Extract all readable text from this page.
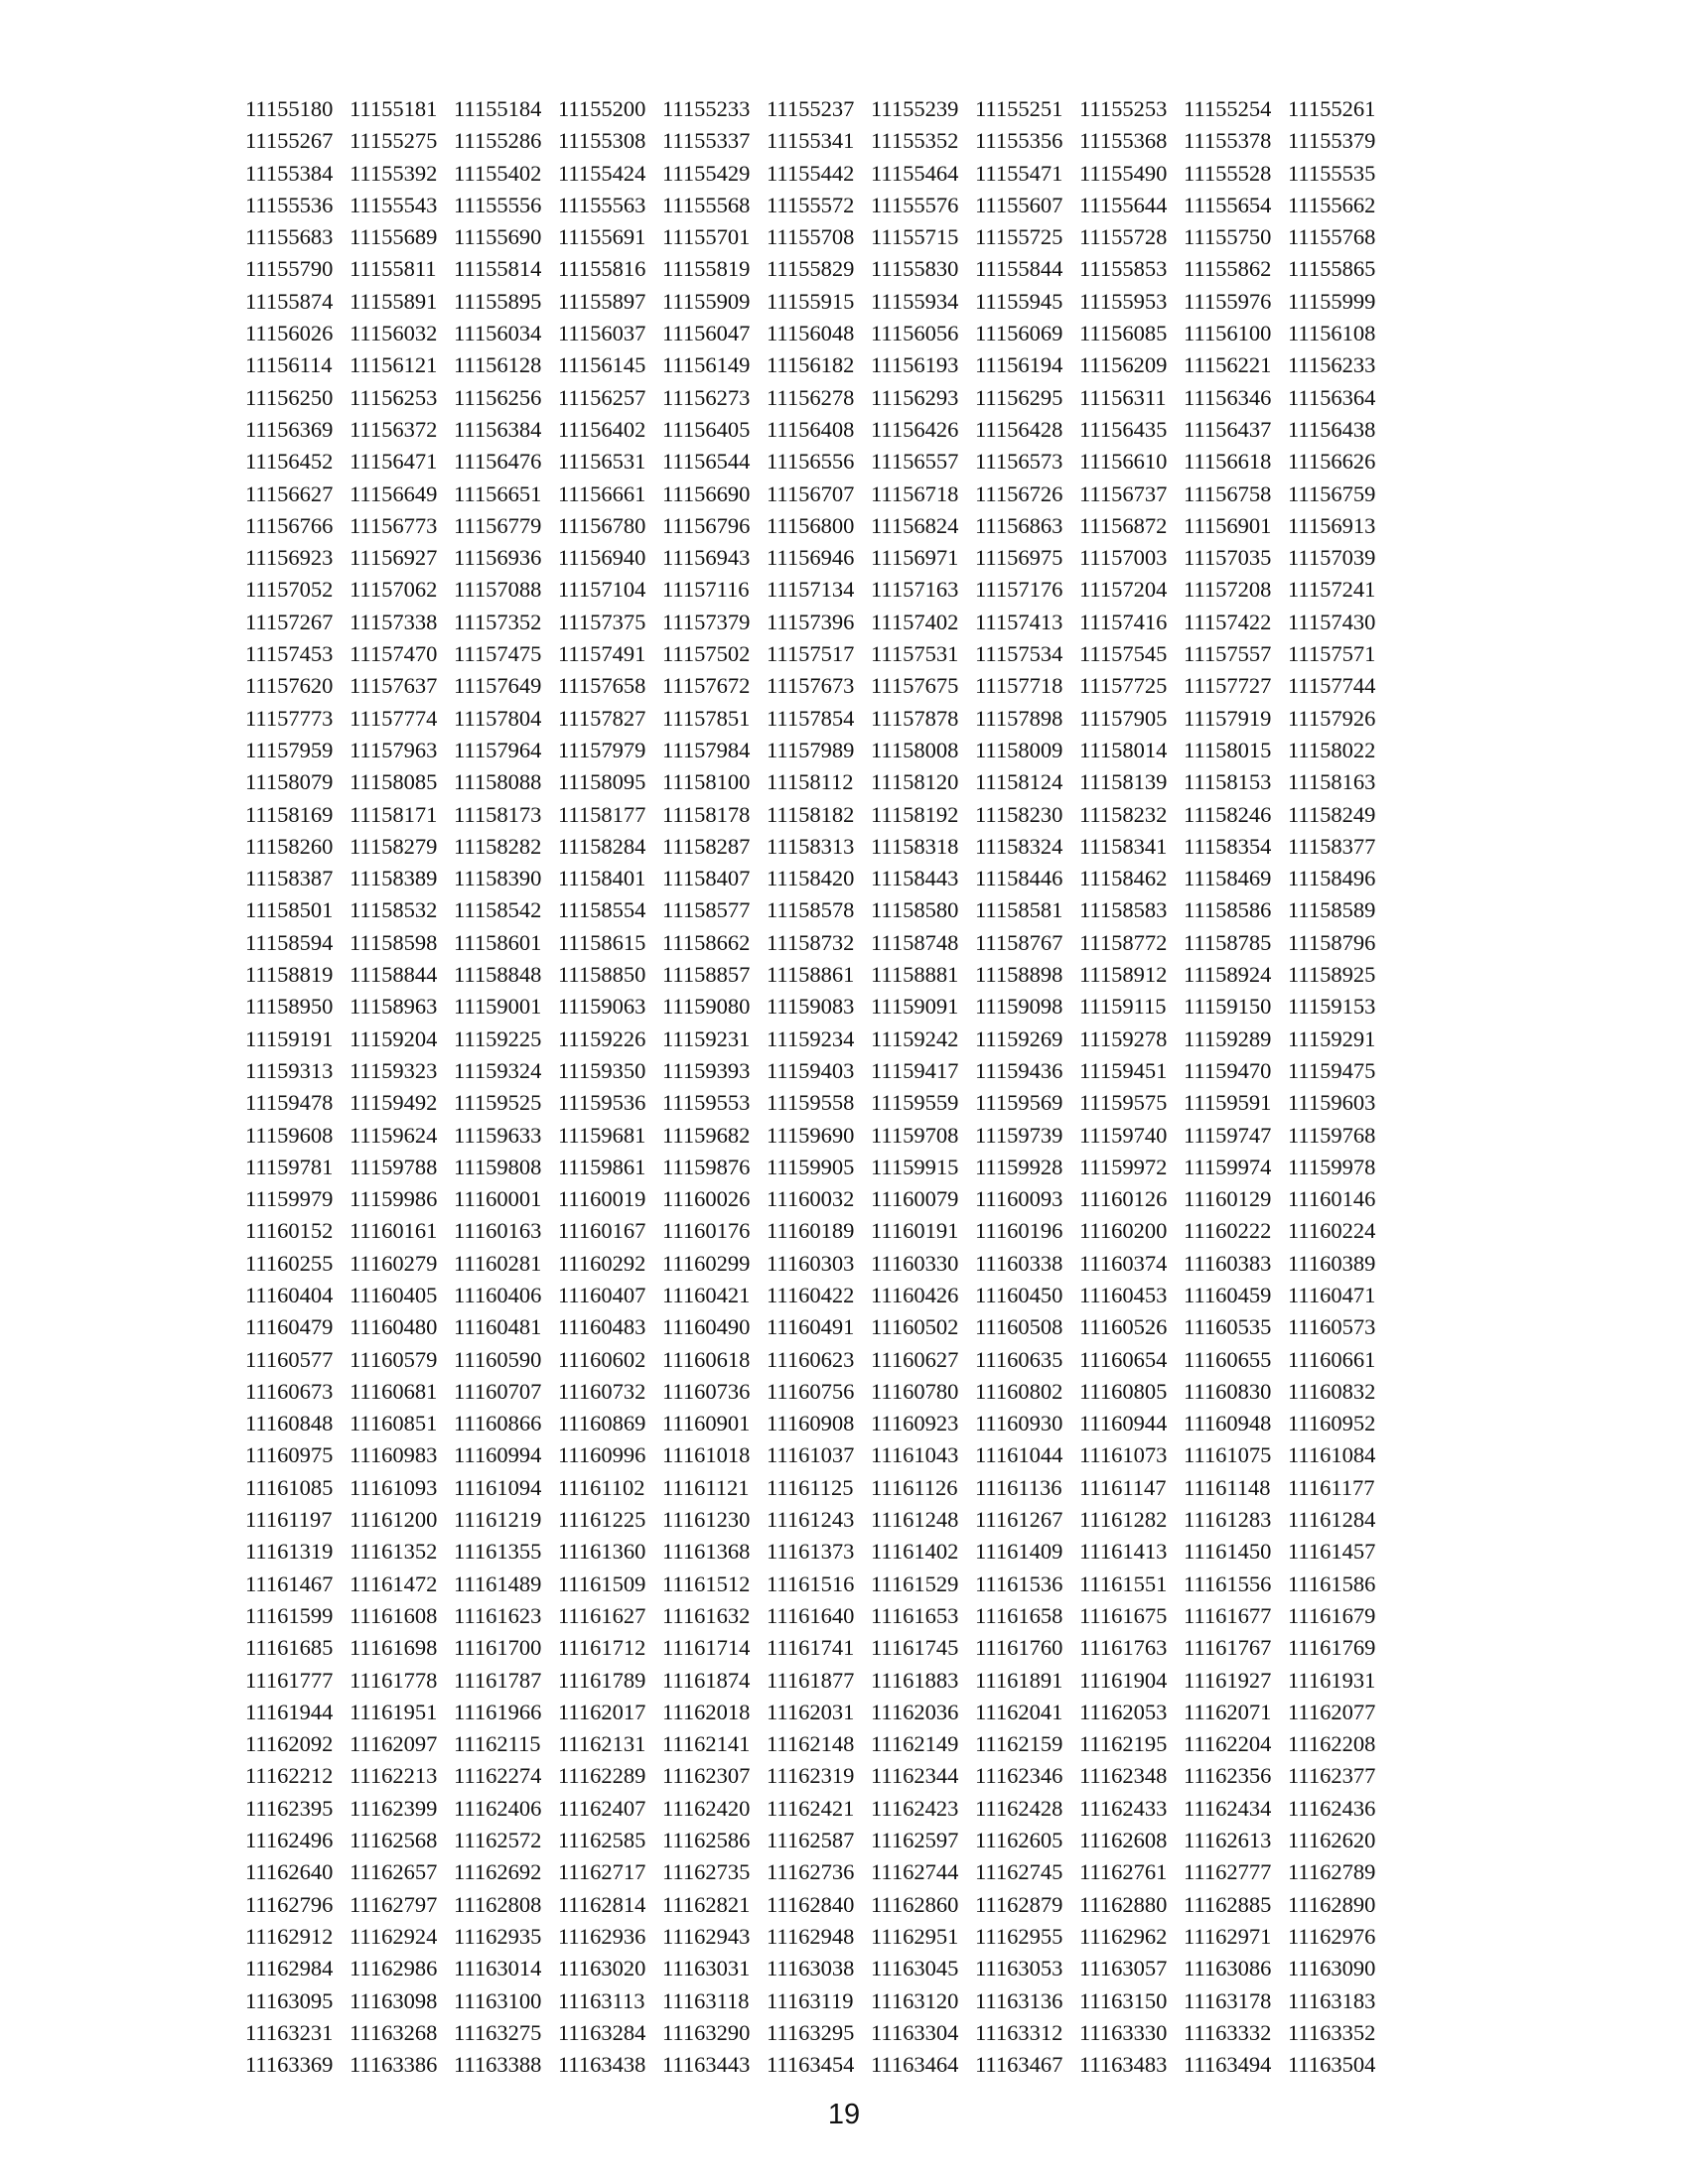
11155180	11155181	11155184	11155200	11155233	11155237	11155239	11155251	11155253	11155254	11155261
11155267	11155275	11155286	11155308	11155337	11155341	11155352	11155356	11155368	11155378	11155379
11155384	11155392	11155402	11155424	11155429	11155442	11155464	11155471	11155490	11155528	11155535
11155536	11155543	11155556	11155563	11155568	11155572	11155576	11155607	11155644	11155654	11155662
11155683	11155689	11155690	11155691	11155701	11155708	11155715	11155725	11155728	11155750	11155768
11155790	11155811	11155814	11155816	11155819	11155829	11155830	11155844	11155853	11155862	11155865
11155874	11155891	11155895	11155897	11155909	11155915	11155934	11155945	11155953	11155976	11155999
11156026	11156032	11156034	11156037	11156047	11156048	11156056	11156069	11156085	11156100	11156108
11156114	11156121	11156128	11156145	11156149	11156182	11156193	11156194	11156209	11156221	11156233
11156250	11156253	11156256	11156257	11156273	11156278	11156293	11156295	11156311	11156346	11156364
11156369	11156372	11156384	11156402	11156405	11156408	11156426	11156428	11156435	11156437	11156438
11156452	11156471	11156476	11156531	11156544	11156556	11156557	11156573	11156610	11156618	11156626
11156627	11156649	11156651	11156661	11156690	11156707	11156718	11156726	11156737	11156758	11156759
11156766	11156773	11156779	11156780	11156796	11156800	11156824	11156863	11156872	11156901	11156913
11156923	11156927	11156936	11156940	11156943	11156946	11156971	11156975	11157003	11157035	11157039
11157052	11157062	11157088	11157104	11157116	11157134	11157163	11157176	11157204	11157208	11157241
11157267	11157338	11157352	11157375	11157379	11157396	11157402	11157413	11157416	11157422	11157430
11157453	11157470	11157475	11157491	11157502	11157517	11157531	11157534	11157545	11157557	11157571
11157620	11157637	11157649	11157658	11157672	11157673	11157675	11157718	11157725	11157727	11157744
11157773	11157774	11157804	11157827	11157851	11157854	11157878	11157898	11157905	11157919	11157926
11157959	11157963	11157964	11157979	11157984	11157989	11158008	11158009	11158014	11158015	11158022
11158079	11158085	11158088	11158095	11158100	11158112	11158120	11158124	11158139	11158153	11158163
11158169	11158171	11158173	11158177	11158178	11158182	11158192	11158230	11158232	11158246	11158249
11158260	11158279	11158282	11158284	11158287	11158313	11158318	11158324	11158341	11158354	11158377
11158387	11158389	11158390	11158401	11158407	11158420	11158443	11158446	11158462	11158469	11158496
11158501	11158532	11158542	11158554	11158577	11158578	11158580	11158581	11158583	11158586	11158589
11158594	11158598	11158601	11158615	11158662	11158732	11158748	11158767	11158772	11158785	11158796
11158819	11158844	11158848	11158850	11158857	11158861	11158881	11158898	11158912	11158924	11158925
11158950	11158963	11159001	11159063	11159080	11159083	11159091	11159098	11159115	11159150	11159153
11159191	11159204	11159225	11159226	11159231	11159234	11159242	11159269	11159278	11159289	11159291
11159313	11159323	11159324	11159350	11159393	11159403	11159417	11159436	11159451	11159470	11159475
11159478	11159492	11159525	11159536	11159553	11159558	11159559	11159569	11159575	11159591	11159603
11159608	11159624	11159633	11159681	11159682	11159690	11159708	11159739	11159740	11159747	11159768
11159781	11159788	11159808	11159861	11159876	11159905	11159915	11159928	11159972	11159974	11159978
11159979	11159986	11160001	11160019	11160026	11160032	11160079	11160093	11160126	11160129	11160146
11160152	11160161	11160163	11160167	11160176	11160189	11160191	11160196	11160200	11160222	11160224
11160255	11160279	11160281	11160292	11160299	11160303	11160330	11160338	11160374	11160383	11160389
11160404	11160405	11160406	11160407	11160421	11160422	11160426	11160450	11160453	11160459	11160471
11160479	11160480	11160481	11160483	11160490	11160491	11160502	11160508	11160526	11160535	11160573
11160577	11160579	11160590	11160602	11160618	11160623	11160627	11160635	11160654	11160655	11160661
11160673	11160681	11160707	11160732	11160736	11160756	11160780	11160802	11160805	11160830	11160832
11160848	11160851	11160866	11160869	11160901	11160908	11160923	11160930	11160944	11160948	11160952
11160975	11160983	11160994	11160996	11161018	11161037	11161043	11161044	11161073	11161075	11161084
11161085	11161093	11161094	11161102	11161121	11161125	11161126	11161136	11161147	11161148	11161177
11161197	11161200	11161219	11161225	11161230	11161243	11161248	11161267	11161282	11161283	11161284
11161319	11161352	11161355	11161360	11161368	11161373	11161402	11161409	11161413	11161450	11161457
11161467	11161472	11161489	11161509	11161512	11161516	11161529	11161536	11161551	11161556	11161586
11161599	11161608	11161623	11161627	11161632	11161640	11161653	11161658	11161675	11161677	11161679
11161685	11161698	11161700	11161712	11161714	11161741	11161745	11161760	11161763	11161767	11161769
11161777	11161778	11161787	11161789	11161874	11161877	11161883	11161891	11161904	11161927	11161931
11161944	11161951	11161966	11162017	11162018	11162031	11162036	11162041	11162053	11162071	11162077
11162092	11162097	11162115	11162131	11162141	11162148	11162149	11162159	11162195	11162204	11162208
11162212	11162213	11162274	11162289	11162307	11162319	11162344	11162346	11162348	11162356	11162377
11162395	11162399	11162406	11162407	11162420	11162421	11162423	11162428	11162433	11162434	11162436
11162496	11162568	11162572	11162585	11162586	11162587	11162597	11162605	11162608	11162613	11162620
11162640	11162657	11162692	11162717	11162735	11162736	11162744	11162745	11162761	11162777	11162789
11162796	11162797	11162808	11162814	11162821	11162840	11162860	11162879	11162880	11162885	11162890
11162912	11162924	11162935	11162936	11162943	11162948	11162951	11162955	11162962	11162971	11162976
11162984	11162986	11163014	11163020	11163031	11163038	11163045	11163053	11163057	11163086	11163090
11163095	11163098	11163100	11163113	11163118	11163119	11163120	11163136	11163150	11163178	11163183
11163231	11163268	11163275	11163284	11163290	11163295	11163304	11163312	11163330	11163332	11163352
11163369	11163386	11163388	11163438	11163443	11163454	11163464	11163467	11163483	11163494	11163504
19
